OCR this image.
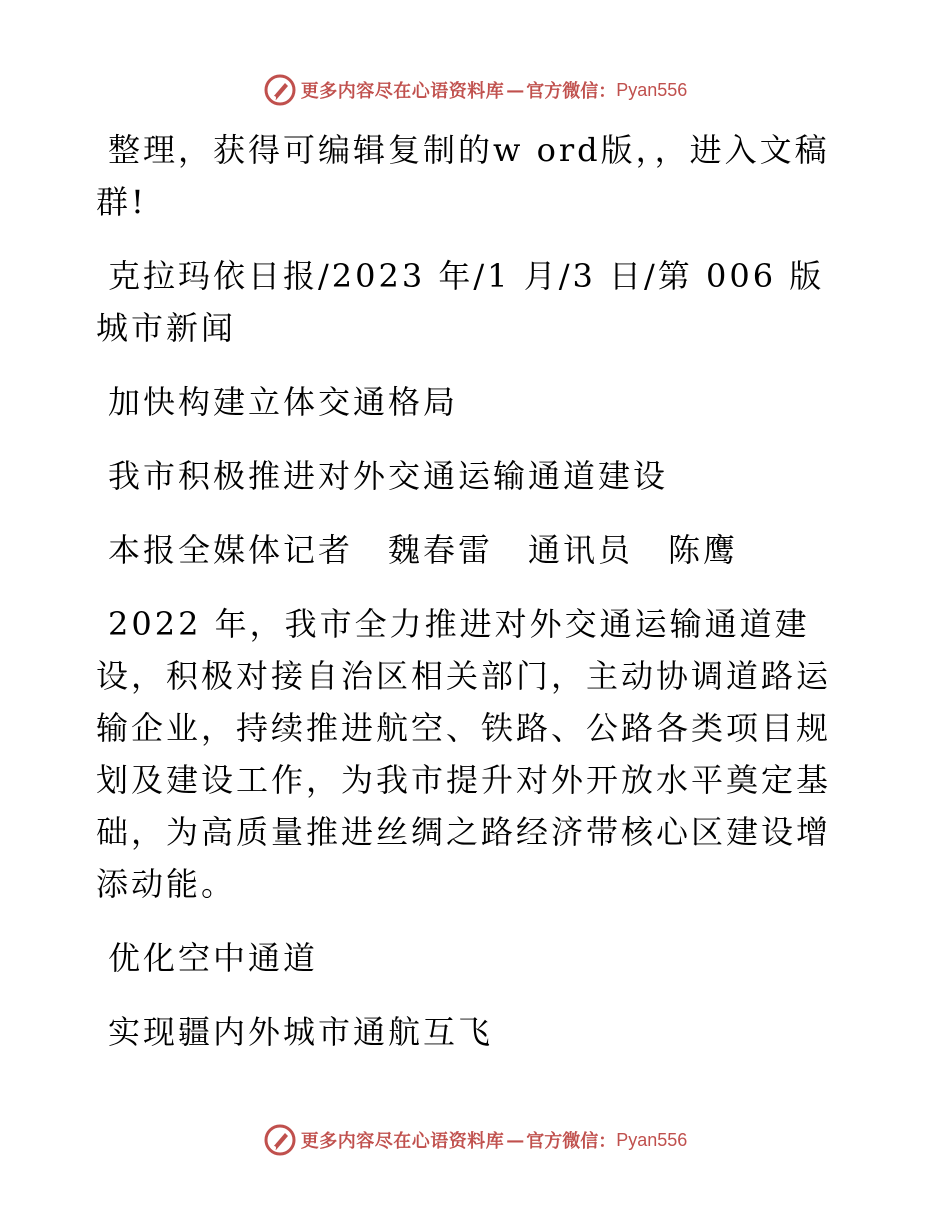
更多内容尽在心语资料库 — 官方微信： Pyan556

整理，获得可编辑复制的w ord版，，进入文稿群!

克拉玛依日报/2023 年/1 月/3 日/第 006 版城市新闻

加快构建立体交通格局

我市积极推进对外交通运输通道建设

本报全媒体记者　魏春雷　通讯员　陈鹰

2022 年，我市全力推进对外交通运输通道建设，积极对接自治区相关部门，主动协调道路运输企业，持续推进航空、铁路、公路各类项目规划及建设工作，为我市提升对外开放水平奠定基础，为高质量推进丝绸之路经济带核心区建设增添动能。

优化空中通道

实现疆内外城市通航互飞

更多内容尽在心语资料库 — 官方微信： Pyan556
